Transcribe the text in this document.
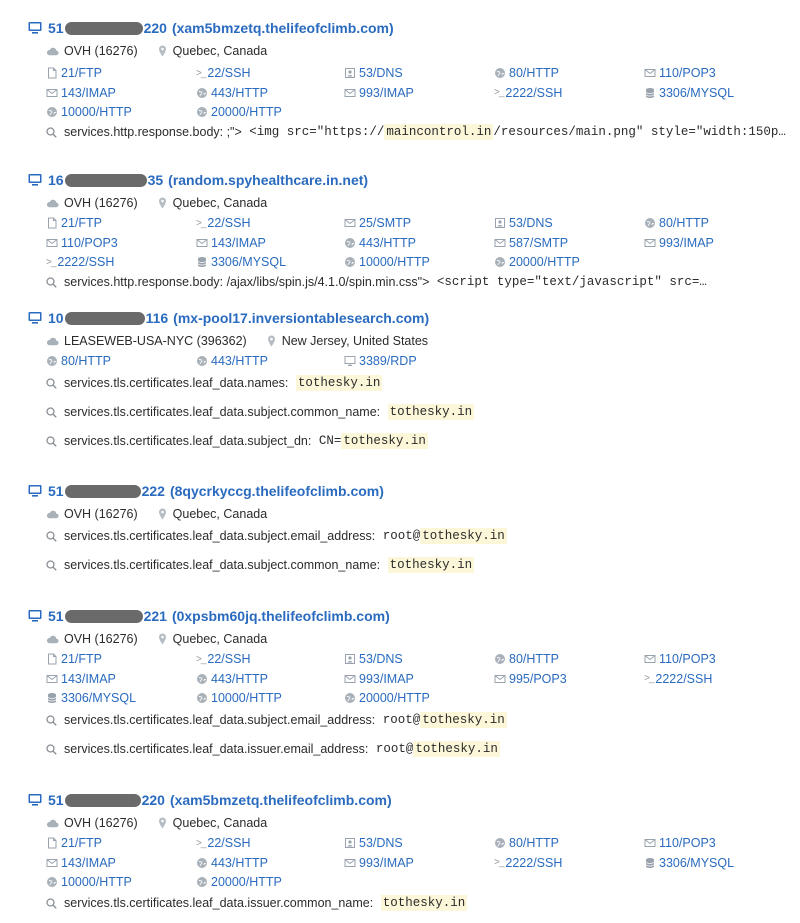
51	220 (xam5bmzetq.thelifeofclimb.com)
OVH (16276)	Quebec, Canada
21/FTP	>_ 22/SSH	53/DNS	80/HTTP	110/POP3
143/IMAP	443/HTTP	993/IMAP	>_ 2222/SSH	3306/MYSQL
10000/HTTP	20000/HTTP
services.http.response.body: ;"> <img src="https:// maincontrol.in /resources/main.png" style="width:150p…
16	35 (random.spyhealthcare.in.net)
OVH (16276)	Quebec, Canada
21/FTP	>_ 22/SSH	25/SMTP	53/DNS	80/HTTP
110/POP3	143/IMAP	443/HTTP	587/SMTP	993/IMAP
>_ 2222/SSH	3306/MYSQL	10000/HTTP	20000/HTTP
services.http.response.body: /ajax/libs/spin.js/4.1.0/spin.min.css"> <script type="text/javascript" src=…
10	116 (mx-pool17.inversiontablesearch.com)
LEASEWEB-USA-NYC (396362)	New Jersey, United States
80/HTTP	443/HTTP	3389/RDP
services.tls.certificates.leaf_data.names:
tothesky.in
services.tls.certificates.leaf_data.subject.common_name:
tothesky.in
services.tls.certificates.leaf_data.subject_dn: CN= tothesky.in
51	222 (8qycrkyccg.thelifeofclimb.com)
OVH (16276)	Quebec, Canada
services.tls.certificates.leaf_data.subject.email_address: root@ tothesky.in
services.tls.certificates.leaf_data.subject.common_name:
tothesky.in
51	221 (0xpsbm60jq.thelifeofclimb.com)
OVH (16276)	Quebec, Canada
21/FTP	>_ 22/SSH	53/DNS	80/HTTP	110/POP3
143/IMAP	443/HTTP	993/IMAP	995/POP3	>_ 2222/SSH
3306/MYSQL	10000/HTTP	20000/HTTP
services.tls.certificates.leaf_data.subject.email_address: root@ tothesky.in
services.tls.certificates.leaf_data.issuer.email_address: root@ tothesky.in
51	220 (xam5bmzetq.thelifeofclimb.com)
OVH (16276)	Quebec, Canada
21/FTP	>_ 22/SSH	53/DNS	80/HTTP	110/POP3
143/IMAP	443/HTTP	993/IMAP	>_ 2222/SSH	3306/MYSQL
10000/HTTP	20000/HTTP
services.tls.certificates.leaf_data.issuer.common_name:
tothesky.in
